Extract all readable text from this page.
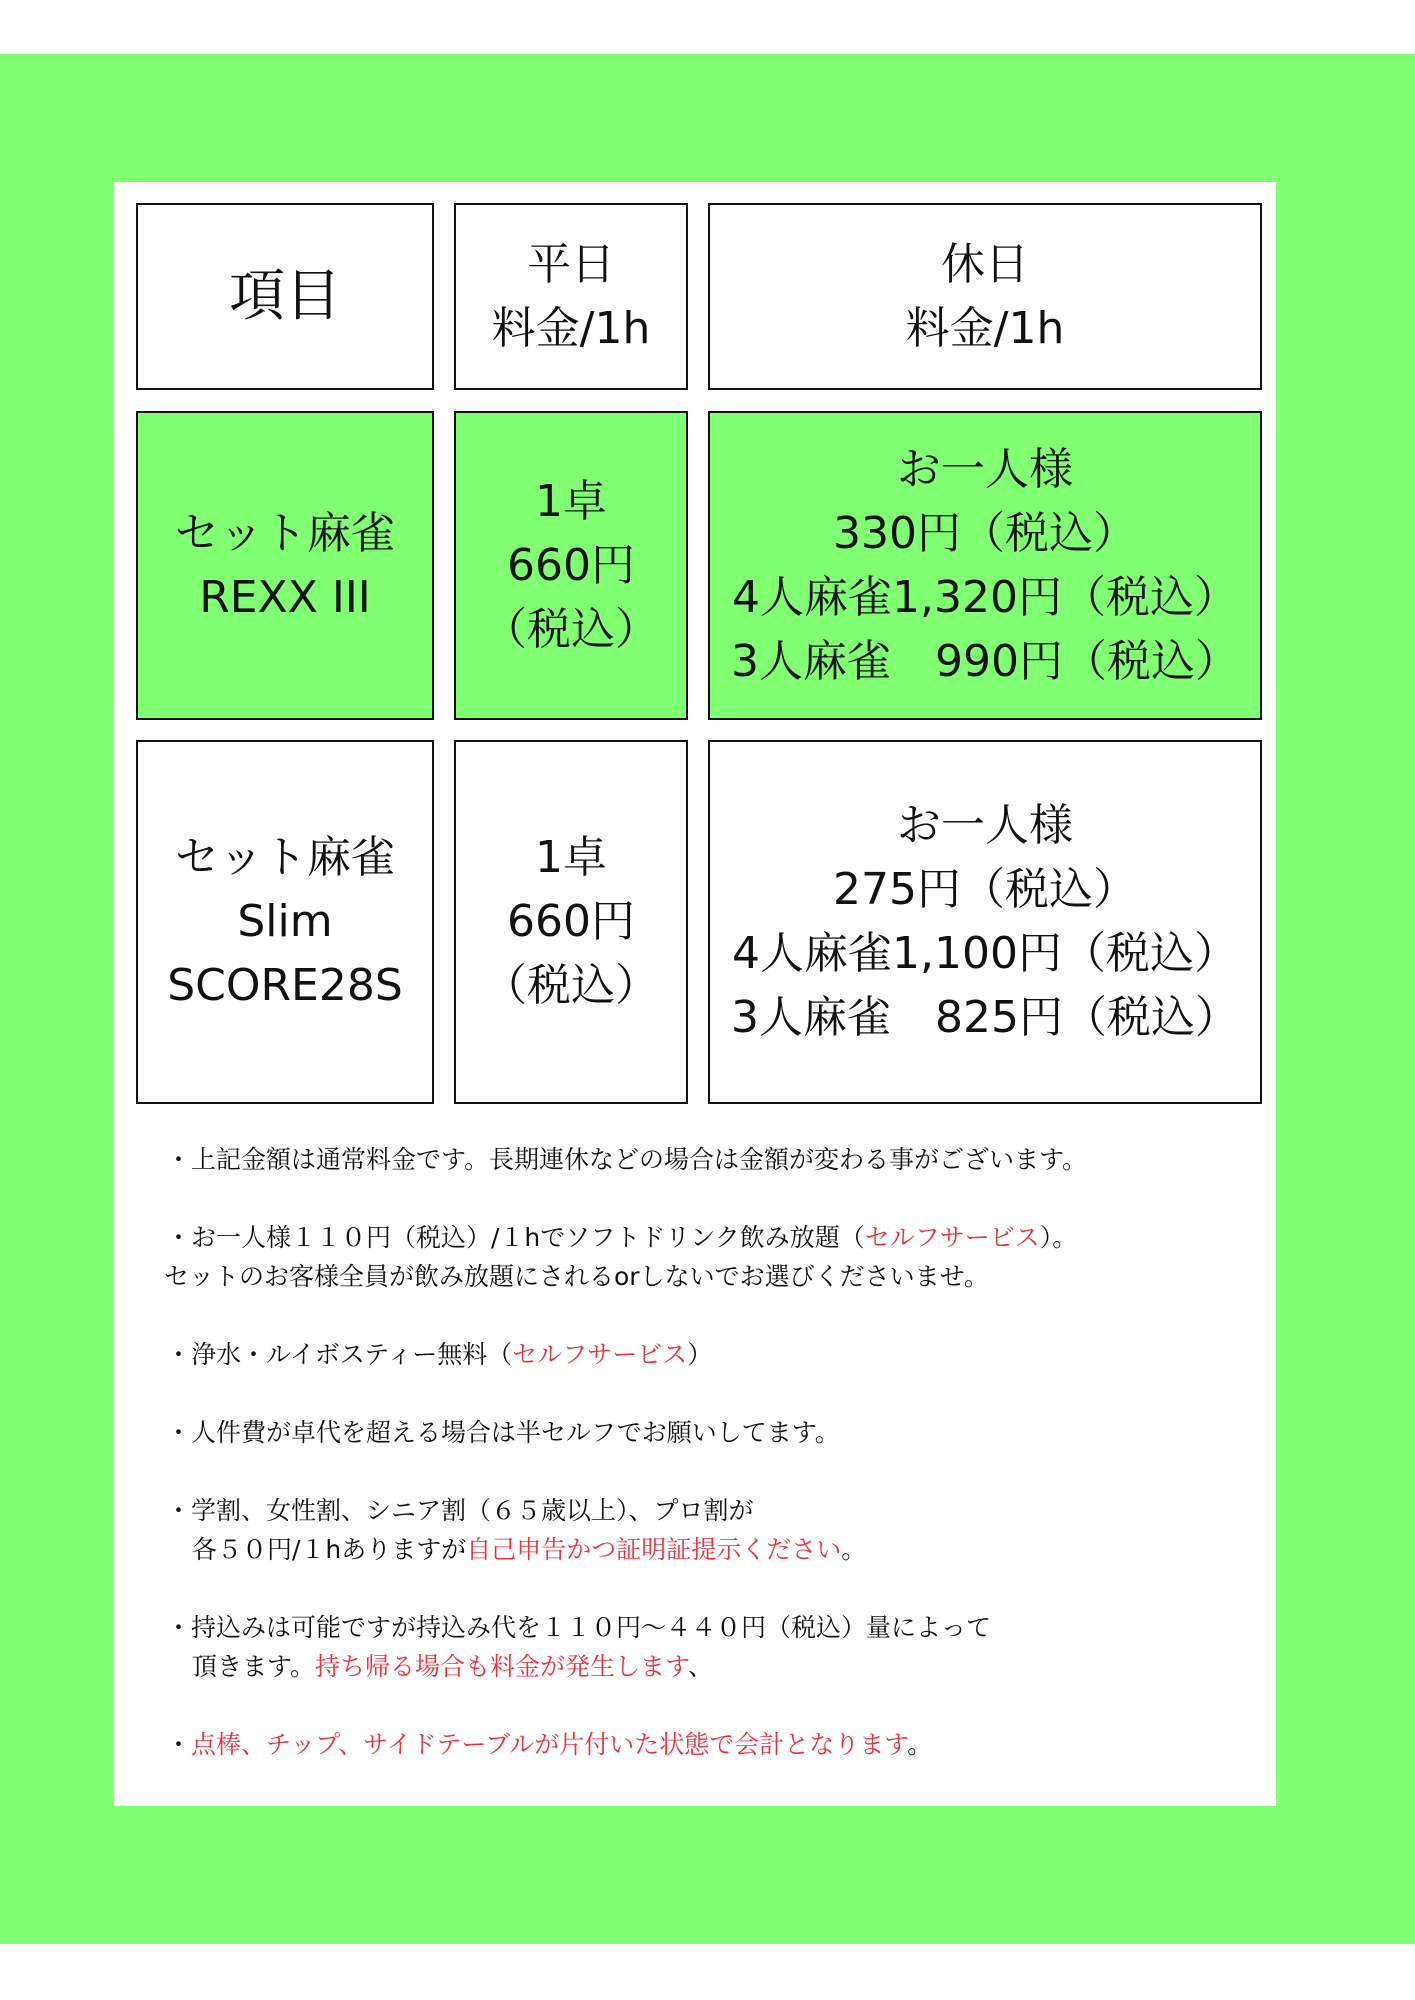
項目	平日
料金/1h
休日
料金/1h
セット麻雀
REXX III
1卓
660円
（税込）
お一人様
330円（税込）
4人麻雀1,320円（税込）
3人麻雀　990円（税込）
セット麻雀
Slim
SCORE28S
1卓
660円
（税込）
お一人様
275円（税込）
4人麻雀1,100円（税込）
3人麻雀　825円（税込）

・上記金額は通常料金です。長期連休などの場合は金額が変わる事がございます。

・お一人様１１０円（税込）/１hでソフトドリンク飲み放題（セルフサービス）。
セットのお客様全員が飲み放題にされるorしないでお選びくださいませ。

・浄水・ルイボスティー無料（セルフサービス）

・人件費が卓代を超える場合は半セルフでお願いしてます。

・学割、女性割、シニア割（６５歳以上）、プロ割が
各５０円/１hありますが自己申告かつ証明証提示ください。

・持込みは可能ですが持込み代を１１０円〜４４０円（税込）量によって
頂きます。持ち帰る場合も料金が発生します、

・点棒、チップ、サイドテーブルが片付いた状態で会計となります。
